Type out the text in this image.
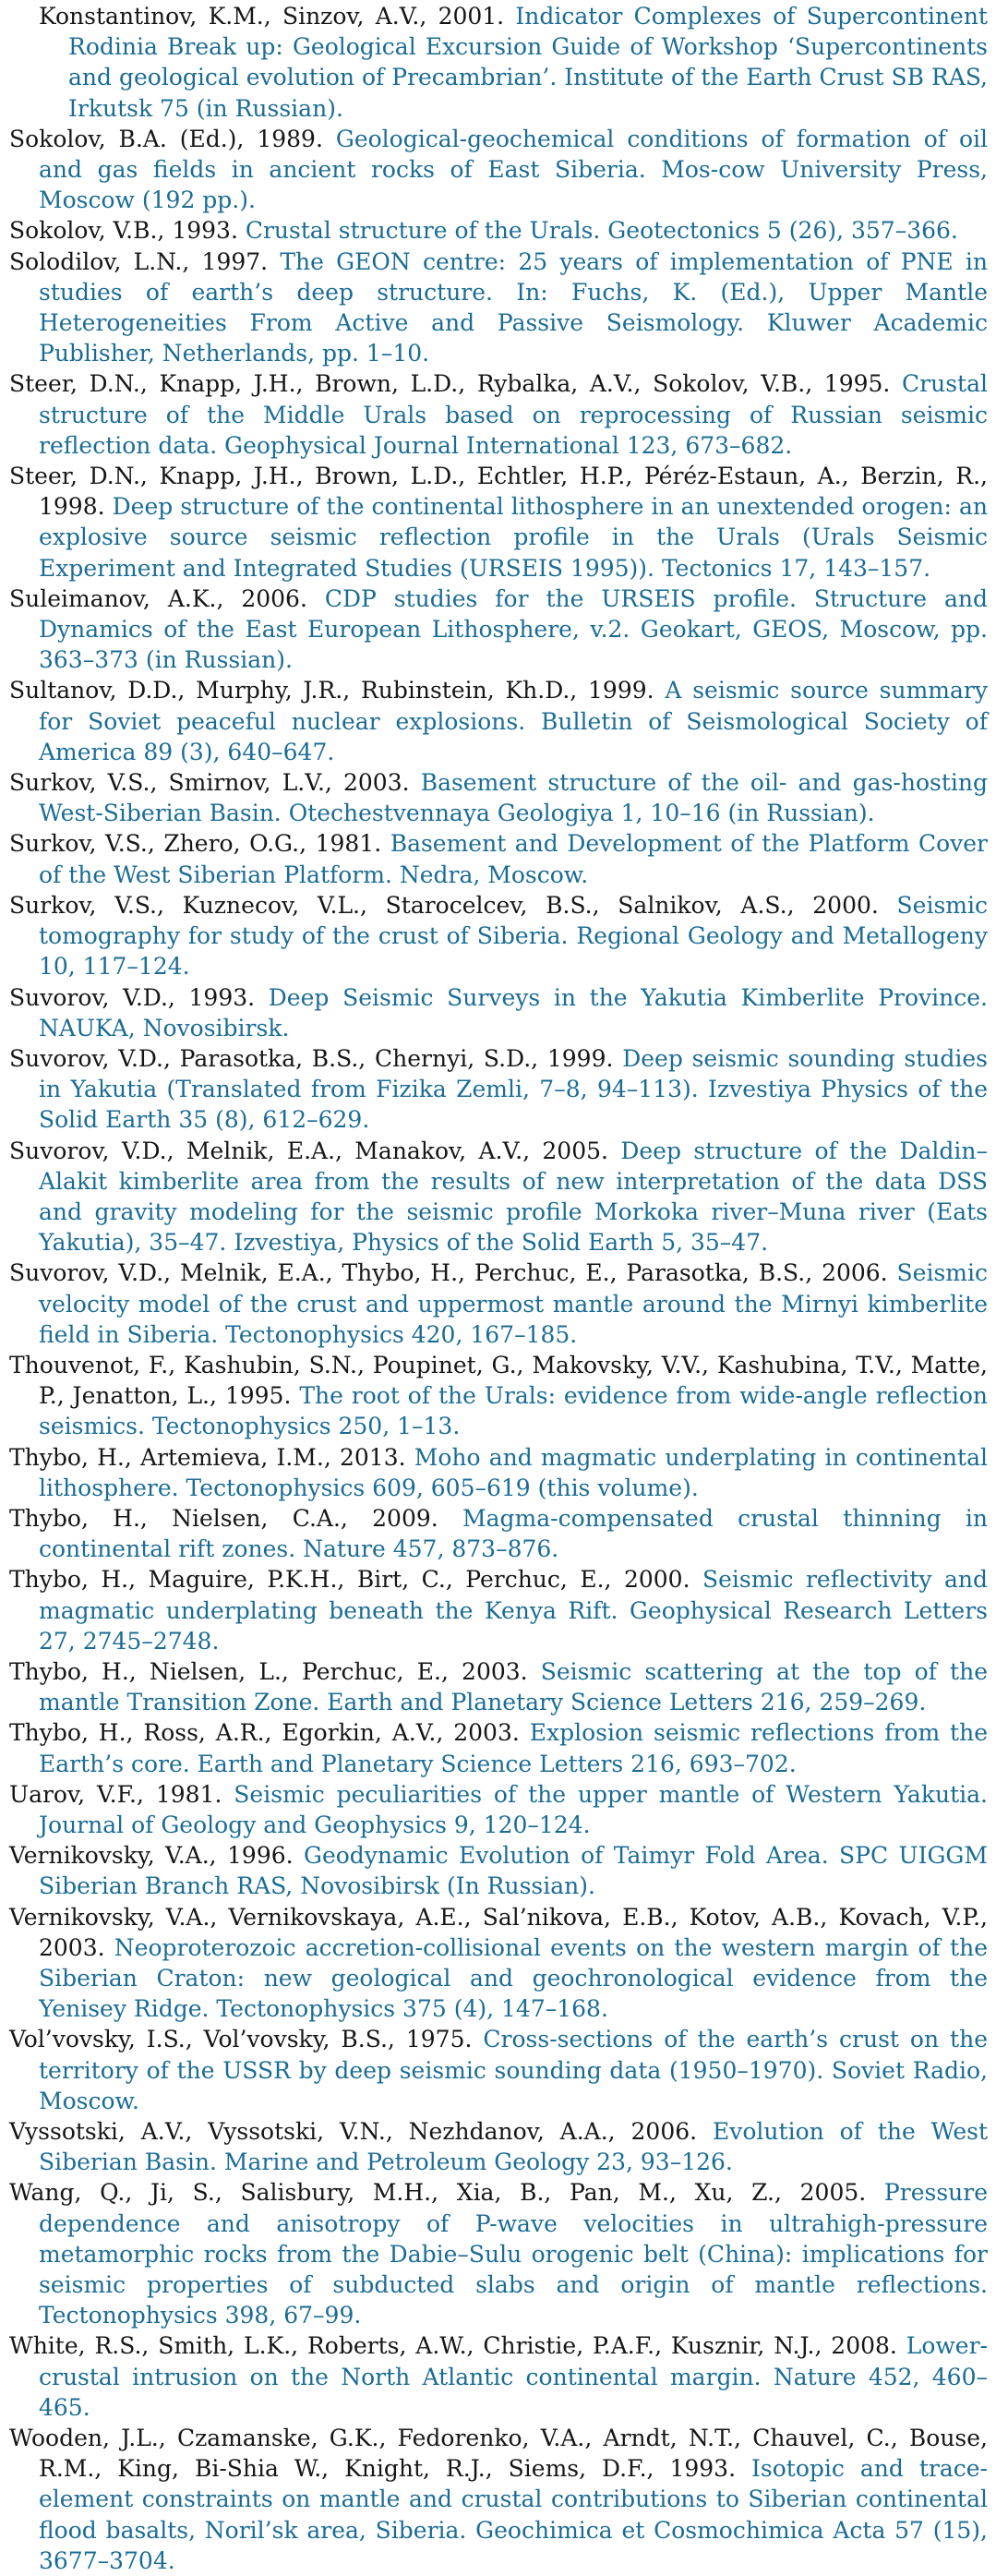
Konstantinov, K.M., Sinzov, A.V., 2001. Indicator Complexes of Supercontinent Rodinia Break up: Geological Excursion Guide of Workshop ‘Supercontinents and geological evolution of Precambrian’. Institute of the Earth Crust SB RAS, Irkutsk 75 (in Russian).

Sokolov, B.A. (Ed.), 1989. Geological-geochemical conditions of formation of oil and gas fields in ancient rocks of East Siberia. Mos-cow University Press, Moscow (192 pp.).

Sokolov, V.B., 1993. Crustal structure of the Urals. Geotectonics 5 (26), 357–366.

Solodilov, L.N., 1997. The GEON centre: 25 years of implementation of PNE in studies of earth’s deep structure. In: Fuchs, K. (Ed.), Upper Mantle Heterogeneities From Active and Passive Seismology. Kluwer Academic Publisher, Netherlands, pp. 1–10.

Steer, D.N., Knapp, J.H., Brown, L.D., Rybalka, A.V., Sokolov, V.B., 1995. Crustal structure of the Middle Urals based on reprocessing of Russian seismic reflection data. Geophysical Journal International 123, 673–682.

Steer, D.N., Knapp, J.H., Brown, L.D., Echtler, H.P., Péréz-Estaun, A., Berzin, R., 1998. Deep structure of the continental lithosphere in an unextended orogen: an explosive source seismic reflection profile in the Urals (Urals Seismic Experiment and Integrated Studies (URSEIS 1995)). Tectonics 17, 143–157.

Suleimanov, A.K., 2006. CDP studies for the URSEIS profile. Structure and Dynamics of the East European Lithosphere, v.2. Geokart, GEOS, Moscow, pp. 363–373 (in Russian).

Sultanov, D.D., Murphy, J.R., Rubinstein, Kh.D., 1999. A seismic source summary for Soviet peaceful nuclear explosions. Bulletin of Seismological Society of America 89 (3), 640–647.

Surkov, V.S., Smirnov, L.V., 2003. Basement structure of the oil- and gas-hosting West-Siberian Basin. Otechestvennaya Geologiya 1, 10–16 (in Russian).

Surkov, V.S., Zhero, O.G., 1981. Basement and Development of the Platform Cover of the West Siberian Platform. Nedra, Moscow.

Surkov, V.S., Kuznecov, V.L., Starocelcev, B.S., Salnikov, A.S., 2000. Seismic tomography for study of the crust of Siberia. Regional Geology and Metallogeny 10, 117–124.

Suvorov, V.D., 1993. Deep Seismic Surveys in the Yakutia Kimberlite Province. NAUKA, Novosibirsk.

Suvorov, V.D., Parasotka, B.S., Chernyi, S.D., 1999. Deep seismic sounding studies in Yakutia (Translated from Fizika Zemli, 7–8, 94–113). Izvestiya Physics of the Solid Earth 35 (8), 612–629.

Suvorov, V.D., Melnik, E.A., Manakov, A.V., 2005. Deep structure of the Daldin–Alakit kimberlite area from the results of new interpretation of the data DSS and gravity modeling for the seismic profile Morkoka river–Muna river (Eats Yakutia), 35–47. Izvestiya, Physics of the Solid Earth 5, 35–47.

Suvorov, V.D., Melnik, E.A., Thybo, H., Perchuc, E., Parasotka, B.S., 2006. Seismic velocity model of the crust and uppermost mantle around the Mirnyi kimberlite field in Siberia. Tectonophysics 420, 167–185.

Thouvenot, F., Kashubin, S.N., Poupinet, G., Makovsky, V.V., Kashubina, T.V., Matte, P., Jenatton, L., 1995. The root of the Urals: evidence from wide-angle reflection seismics. Tectonophysics 250, 1–13.

Thybo, H., Artemieva, I.M., 2013. Moho and magmatic underplating in continental lithosphere. Tectonophysics 609, 605–619 (this volume).

Thybo, H., Nielsen, C.A., 2009. Magma-compensated crustal thinning in continental rift zones. Nature 457, 873–876.

Thybo, H., Maguire, P.K.H., Birt, C., Perchuc, E., 2000. Seismic reflectivity and magmatic underplating beneath the Kenya Rift. Geophysical Research Letters 27, 2745–2748.

Thybo, H., Nielsen, L., Perchuc, E., 2003. Seismic scattering at the top of the mantle Transition Zone. Earth and Planetary Science Letters 216, 259–269.

Thybo, H., Ross, A.R., Egorkin, A.V., 2003. Explosion seismic reflections from the Earth’s core. Earth and Planetary Science Letters 216, 693–702.

Uarov, V.F., 1981. Seismic peculiarities of the upper mantle of Western Yakutia. Journal of Geology and Geophysics 9, 120–124.

Vernikovsky, V.A., 1996. Geodynamic Evolution of Taimyr Fold Area. SPC UIGGM Siberian Branch RAS, Novosibirsk (In Russian).

Vernikovsky, V.A., Vernikovskaya, A.E., Sal’nikova, E.B., Kotov, A.B., Kovach, V.P., 2003. Neoproterozoic accretion-collisional events on the western margin of the Siberian Craton: new geological and geochronological evidence from the Yenisey Ridge. Tectonophysics 375 (4), 147–168.

Vol’vovsky, I.S., Vol’vovsky, B.S., 1975. Cross-sections of the earth’s crust on the territory of the USSR by deep seismic sounding data (1950–1970). Soviet Radio, Moscow.

Vyssotski, A.V., Vyssotski, V.N., Nezhdanov, A.A., 2006. Evolution of the West Siberian Basin. Marine and Petroleum Geology 23, 93–126.

Wang, Q., Ji, S., Salisbury, M.H., Xia, B., Pan, M., Xu, Z., 2005. Pressure dependence and anisotropy of P-wave velocities in ultrahigh-pressure metamorphic rocks from the Dabie–Sulu orogenic belt (China): implications for seismic properties of subducted slabs and origin of mantle reflections. Tectonophysics 398, 67–99.

White, R.S., Smith, L.K., Roberts, A.W., Christie, P.A.F., Kusznir, N.J., 2008. Lower-crustal intrusion on the North Atlantic continental margin. Nature 452, 460–465.

Wooden, J.L., Czamanske, G.K., Fedorenko, V.A., Arndt, N.T., Chauvel, C., Bouse, R.M., King, Bi-Shia W., Knight, R.J., Siems, D.F., 1993. Isotopic and trace-element constraints on mantle and crustal contributions to Siberian continental flood basalts, Noril’sk area, Siberia. Geochimica et Cosmochimica Acta 57 (15), 3677–3704.
